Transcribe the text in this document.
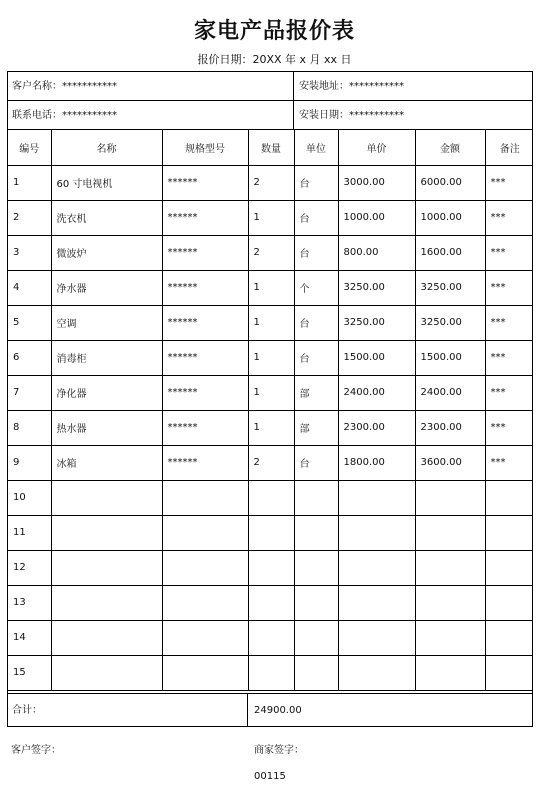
家电产品报价表
报价日期：20XX 年 x 月 xx 日
客户名称：***********	安装地址：***********
联系电话：***********	安装日期：***********
编号	名称	规格型号	数量	单位	单价	金额	备注
1	60 寸电视机	******	2	台	3000.00	6000.00	***
2	洗衣机	******	1	台	1000.00	1000.00	***
3	微波炉	******	2	台	800.00	1600.00	***
4	净水器	******	1	个	3250.00	3250.00	***
5	空调	******	1	台	3250.00	3250.00	***
6	消毒柜	******	1	台	1500.00	1500.00	***
7	净化器	******	1	部	2400.00	2400.00	***
8	热水器	******	1	部	2300.00	2300.00	***
9	冰箱	******	2	台	1800.00	3600.00	***
10							
11							
12							
13							
14							
15							
合计：	24900.00
客户签字：	商家签字：
00115
